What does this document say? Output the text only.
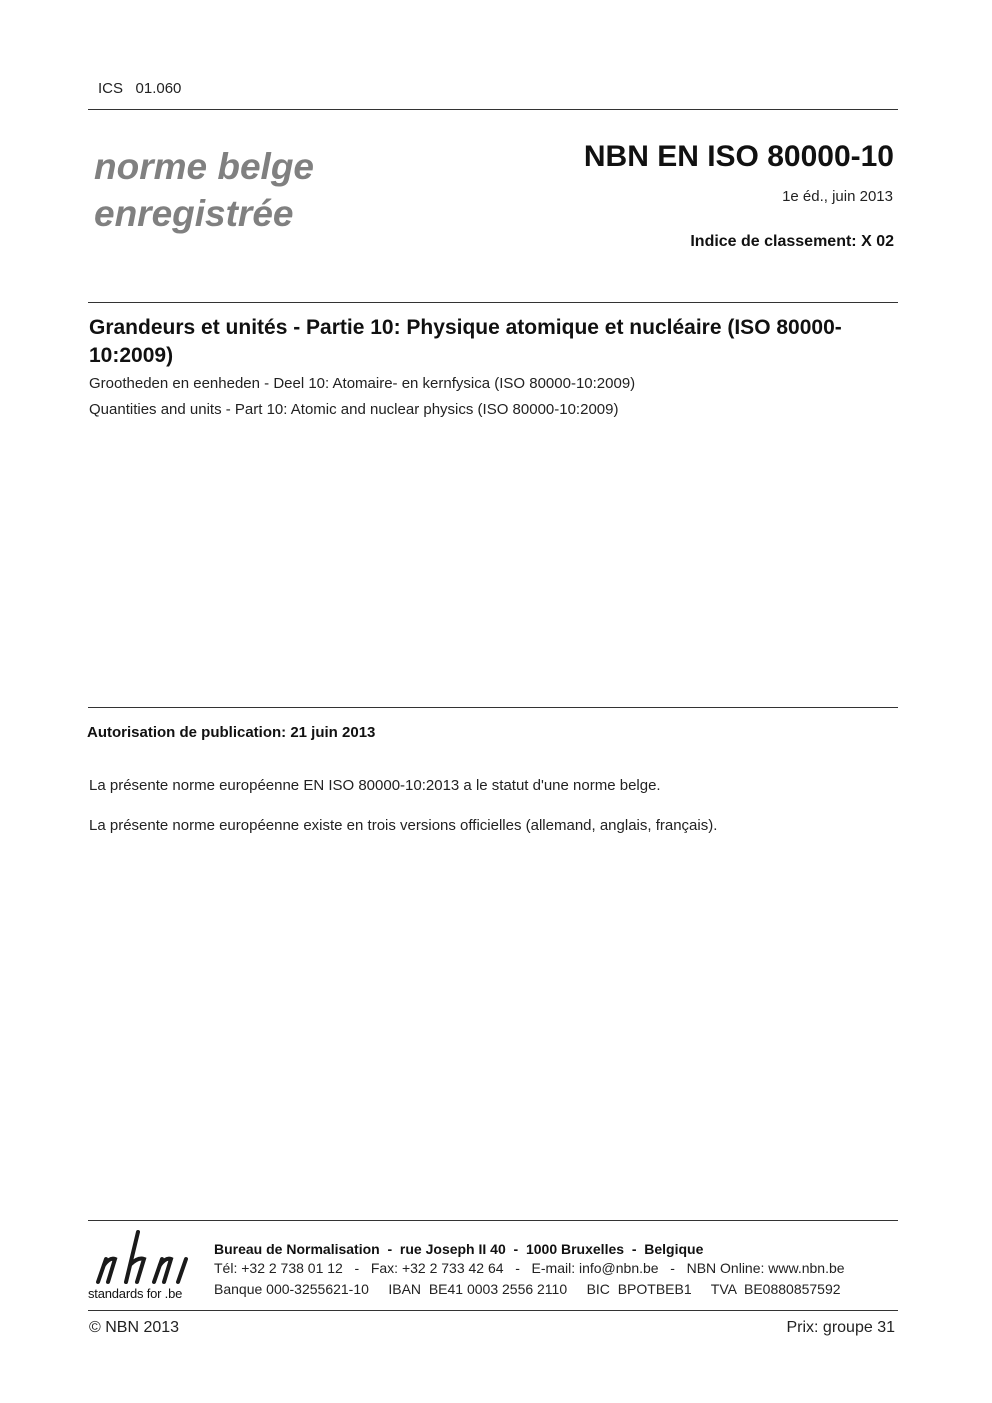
ICS   01.060
norme belge
enregistrée
NBN EN ISO 80000-10
1e éd., juin 2013
Indice de classement: X 02
Grandeurs et unités - Partie 10: Physique atomique et nucléaire (ISO 80000-10:2009)
Grootheden en eenheden - Deel 10: Atomaire- en kernfysica (ISO 80000-10:2009)
Quantities and units - Part 10: Atomic and nuclear physics (ISO 80000-10:2009)
Autorisation de publication: 21 juin 2013
La présente norme européenne EN ISO 80000-10:2013 a le statut d'une norme belge.
La présente norme européenne existe en trois versions officielles (allemand, anglais, français).
standards for .be
Bureau de Normalisation  -  rue Joseph II 40  -  1000 Bruxelles  -  Belgique
Tél: +32 2 738 01 12   -   Fax: +32 2 733 42 64   -   E-mail: info@nbn.be   -   NBN Online: www.nbn.be
Banque 000-3255621-10     IBAN  BE41 0003 2556 2110     BIC  BPOTBEB1     TVA  BE0880857592
© NBN 2013	Prix: groupe 31
